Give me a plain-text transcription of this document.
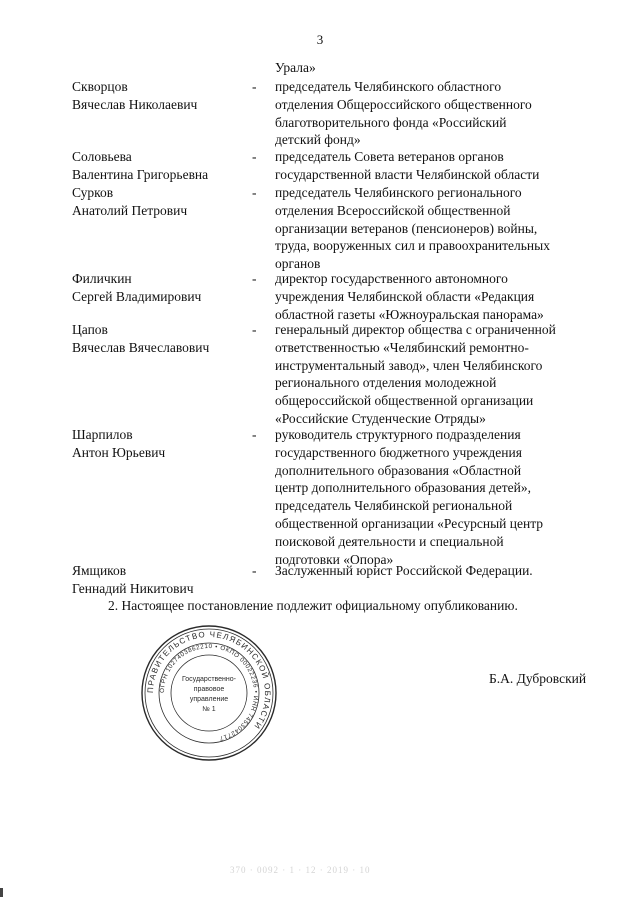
3
Урала»
Скворцов
Вячеслав Николаевич
- председатель Челябинского областного
отделения Общероссийского общественного
благотворительного фонда «Российский
детский фонд»
Соловьева
Валентина Григорьевна
- председатель Совета ветеранов органов
государственной власти Челябинской области
Сурков
Анатолий Петрович
- председатель Челябинского регионального
отделения Всероссийской общественной
организации ветеранов (пенсионеров) войны,
труда, вооруженных сил и правоохранительных
органов
Филичкин
Сергей Владимирович
- директор государственного автономного
учреждения Челябинской области «Редакция
областной газеты «Южноуральская панорама»
Цапов
Вячеслав Вячеславович
- генеральный директор общества с ограниченной
ответственностью «Челябинский ремонтно-
инструментальный завод», член Челябинского
регионального отделения молодежной
общероссийской общественной организации
«Российские Студенческие Отряды»
Шарпилов
Антон Юрьевич
- руководитель структурного подразделения
государственного бюджетного учреждения
дополнительного образования «Областной
центр дополнительного образования детей»,
председатель Челябинской региональной
общественной организации «Ресурсный центр
поисковой деятельности и специальной
подготовки «Опора»
Ямщиков
Геннадий Никитович
- Заслуженный юрист Российской Федерации.
2. Настоящее постановление подлежит официальному опубликованию.
Б.А. Дубровский
ПРАВИТЕЛЬСТВО ЧЕЛЯБИНСКОЙ ОБЛАСТИ
ОГРН 1027403862210 • ОКПО 00022236 • ИНН 7453042717
Государственно-
правовое
управление
№ 1
370 · 0092 · 1 · 12 · 2019 · 10
